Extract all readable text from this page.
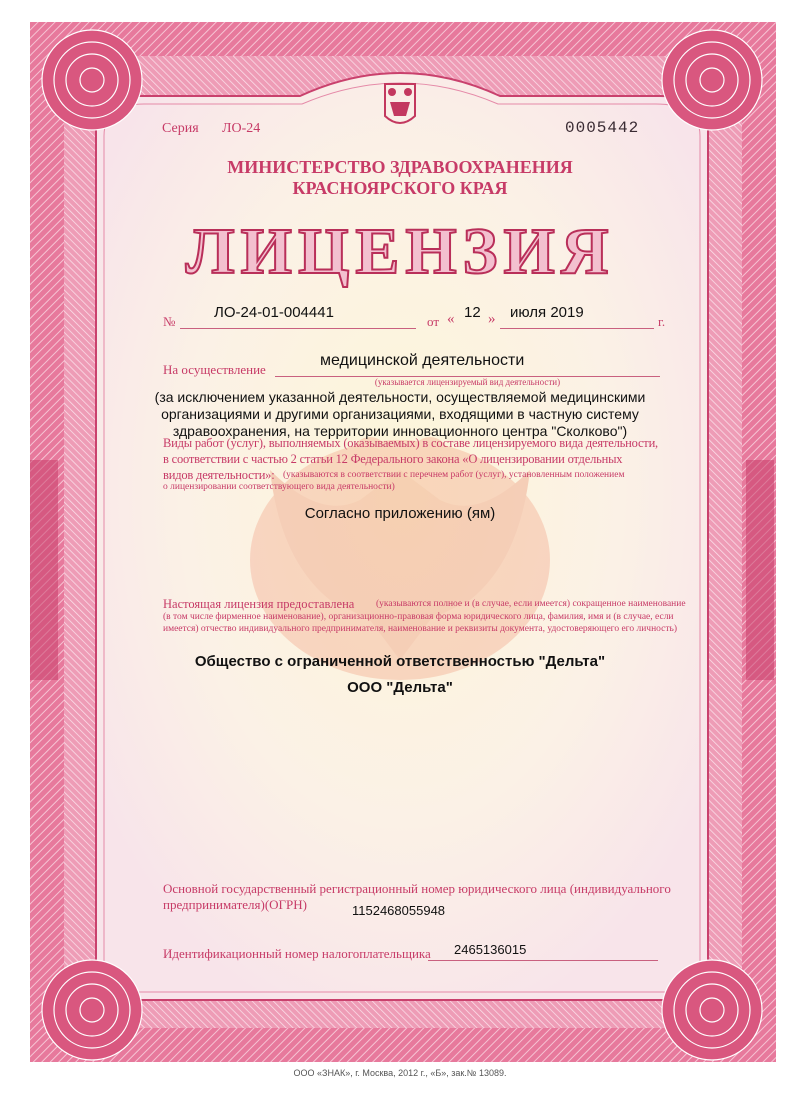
Серия ЛО-24	0005442
МИНИСТЕРСТВО ЗДРАВООХРАНЕНИЯ
КРАСНОЯРСКОГО КРАЯ
ЛИЦЕНЗИЯ
№
ЛО-24-01-004441
от « 12 » июля 2019
г.
На осуществление
медицинской деятельности
(указывается лицензируемый вид деятельности)
(за исключением указанной деятельности, осуществляемой медицинскими
организациями и другими организациями, входящими в частную систему
здравоохранения, на территории инновационного центра "Сколково")
Виды работ (услуг), выполняемых (оказываемых) в составе лицензируемого вида деятельности,
в соответствии с частью 2 статьи 12 Федерального закона «О лицензировании отдельных
видов деятельности»: (указываются в соответствии с перечнем работ (услуг), установленным положением
о лицензировании соответствующего вида деятельности)
Согласно приложению (ям)
Настоящая лицензия предоставлена (указываются полное и (в случае, если имеется) сокращенное наименование
(в том числе фирменное наименование), организационно-правовая форма юридического лица, фамилия, имя и (в случае, если
имеется) отчество индивидуального предпринимателя, наименование и реквизиты документа, удостоверяющего его личность)
Общество с ограниченной ответственностью "Дельта"
ООО "Дельта"
Основной государственный регистрационный номер юридического лица (индивидуального
предпринимателя)(ОГРН)	1152468055948
Идентификационный номер налогоплательщика 2465136015
ООО «ЗНАК», г. Москва, 2012 г., «Б», зак.№ 13089.
